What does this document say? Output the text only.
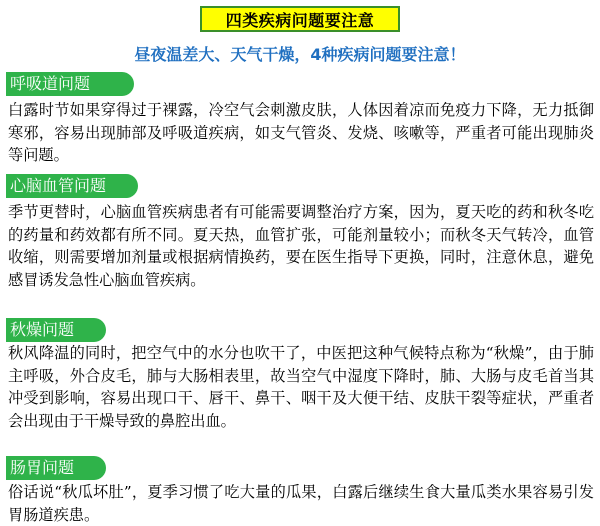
四类疾病问题要注意
昼夜温差大、天气干燥，4种疾病问题要注意！
呼吸道问题

白露时节如果穿得过于裸露，冷空气会刺激皮肤，人体因着凉而免疫力下降，无力抵御寒邪，容易出现肺部及呼吸道疾病，如支气管炎、发烧、咳嗽等，严重者可能出现肺炎等问题。

心脑血管问题

季节更替时，心脑血管疾病患者有可能需要调整治疗方案，因为，夏天吃的药和秋冬吃的药量和药效都有所不同。夏天热，血管扩张，可能剂量较小；而秋冬天气转冷，血管收缩，则需要增加剂量或根据病情换药，要在医生指导下更换，同时，注意休息，避免感冒诱发急性心脑血管疾病。

秋燥问题

秋风降温的同时，把空气中的水分也吹干了，中医把这种气候特点称为“秋燥”，由于肺主呼吸，外合皮毛，肺与大肠相表里，故当空气中湿度下降时，肺、大肠与皮毛首当其冲受到影响，容易出现口干、唇干、鼻干、咽干及大便干结、皮肤干裂等症状，严重者会出现由于干燥导致的鼻腔出血。

肠胃问题

俗话说“秋瓜坏肚”，夏季习惯了吃大量的瓜果，白露后继续生食大量瓜类水果容易引发胃肠道疾患。
